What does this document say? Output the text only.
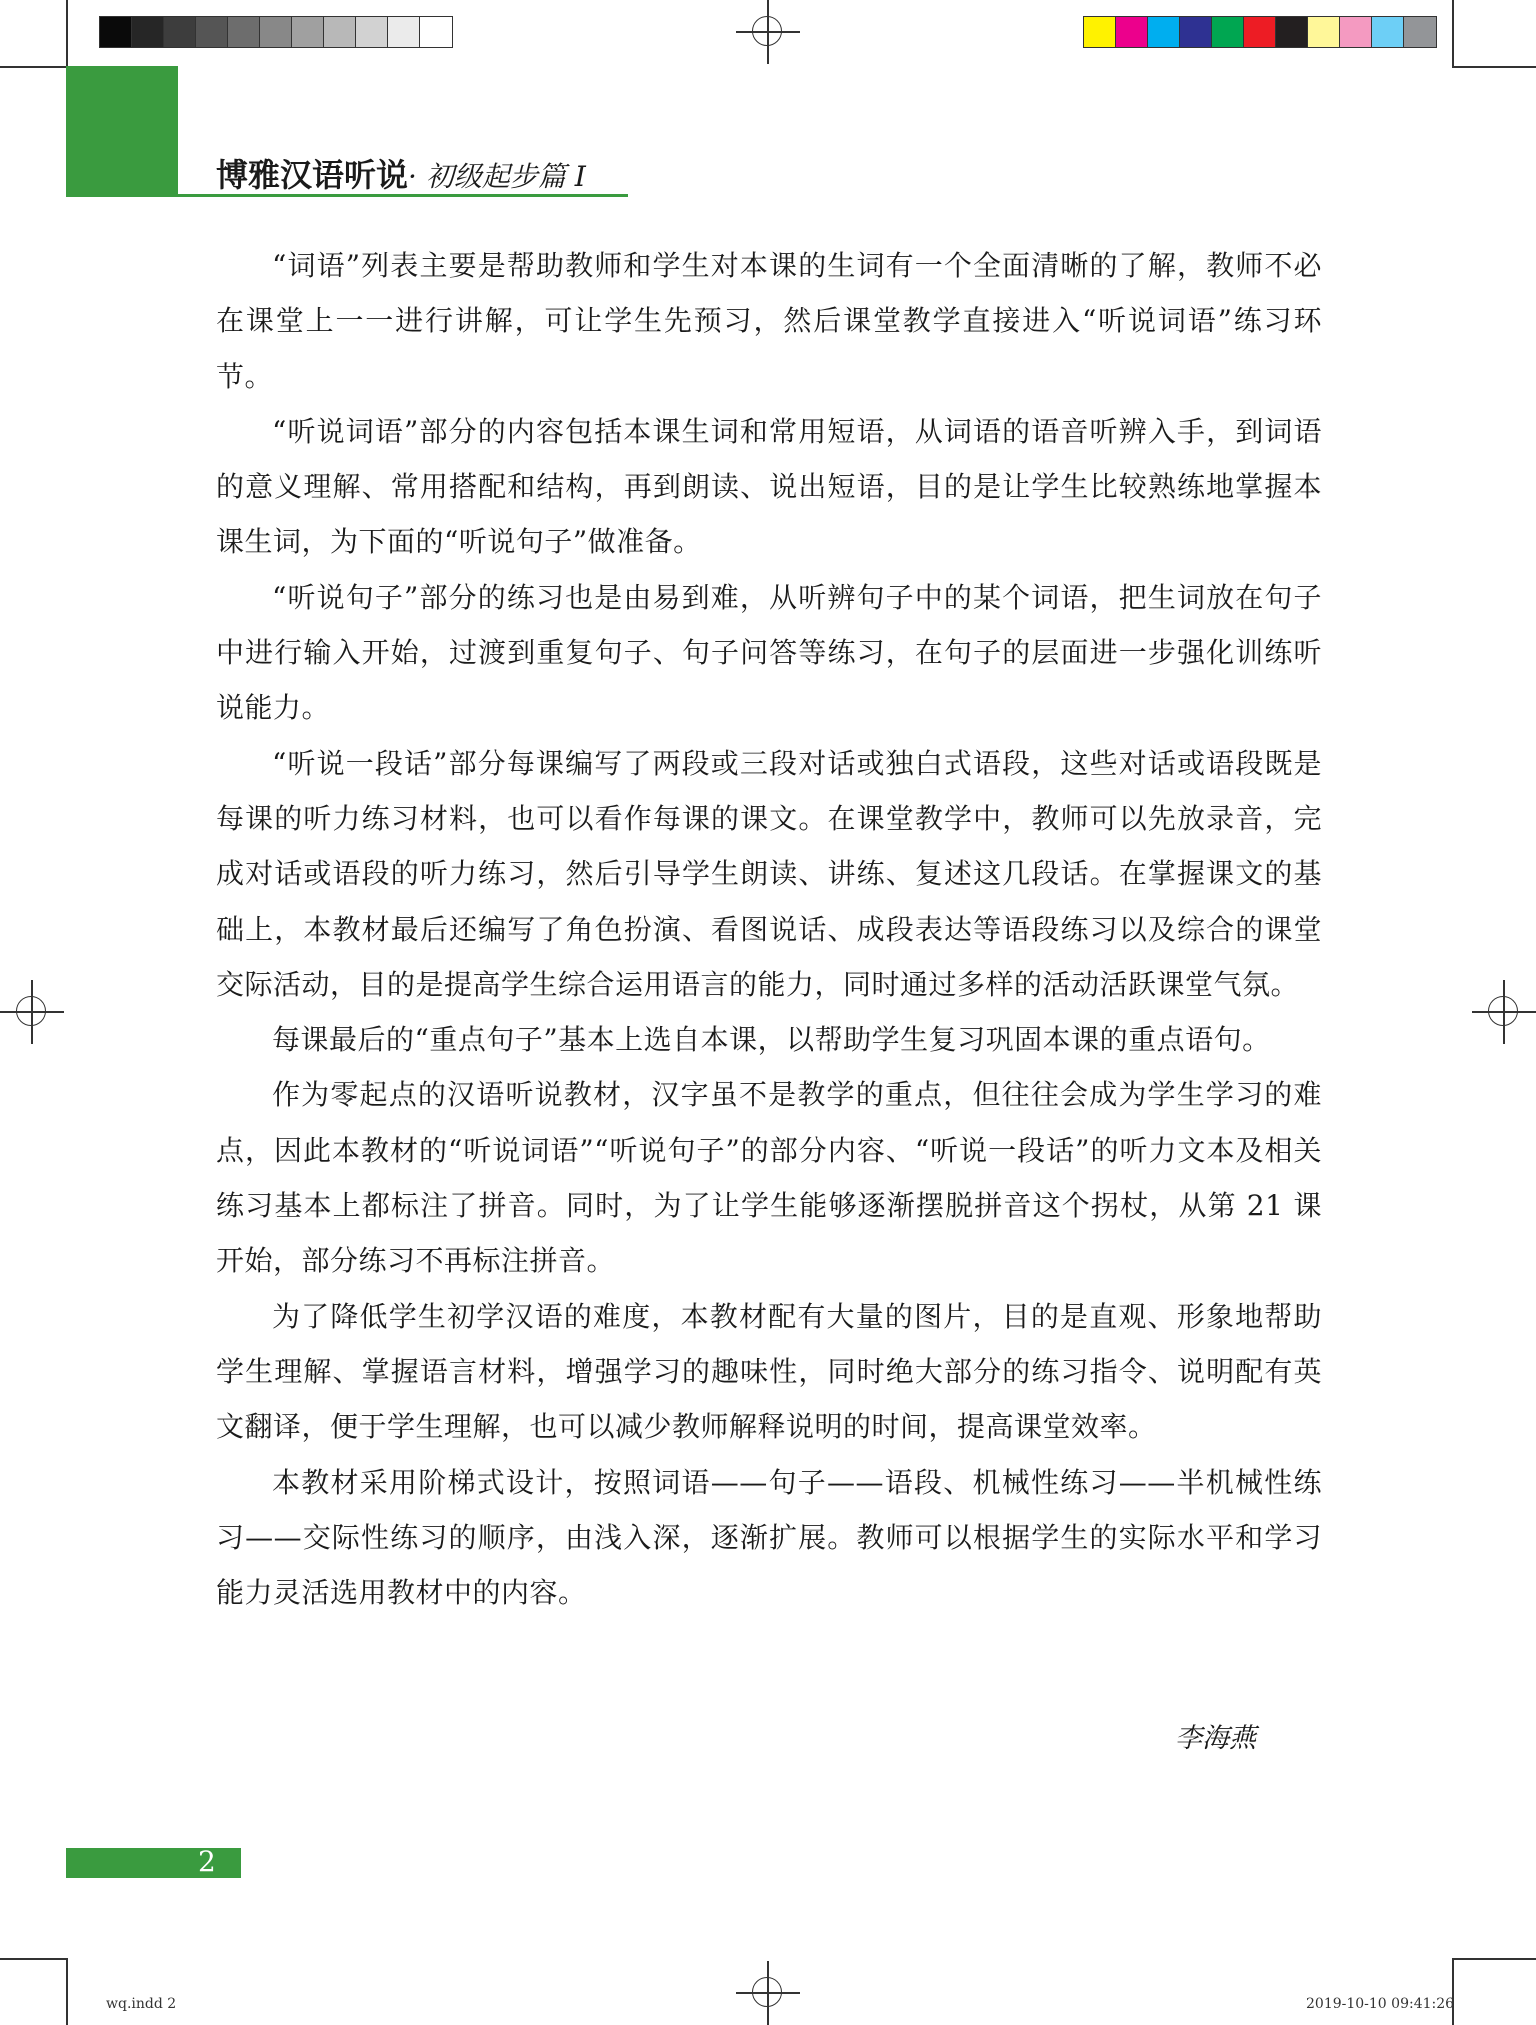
博雅汉语听说· 初级起步篇 Ⅰ

“词语”列表主要是帮助教师和学生对本课的生词有一个全面清晰的了解，教师不必在课堂上一一进行讲解，可让学生先预习，然后课堂教学直接进入“听说词语”练习环节。

“听说词语”部分的内容包括本课生词和常用短语，从词语的语音听辨入手，到词语的意义理解、常用搭配和结构，再到朗读、说出短语，目的是让学生比较熟练地掌握本课生词，为下面的“听说句子”做准备。

“听说句子”部分的练习也是由易到难，从听辨句子中的某个词语，把生词放在句子中进行输入开始，过渡到重复句子、句子问答等练习，在句子的层面进一步强化训练听说能力。

“听说一段话”部分每课编写了两段或三段对话或独白式语段，这些对话或语段既是每课的听力练习材料，也可以看作每课的课文。在课堂教学中，教师可以先放录音，完成对话或语段的听力练习，然后引导学生朗读、讲练、复述这几段话。在掌握课文的基础上，本教材最后还编写了角色扮演、看图说话、成段表达等语段练习以及综合的课堂交际活动，目的是提高学生综合运用语言的能力，同时通过多样的活动活跃课堂气氛。

每课最后的“重点句子”基本上选自本课，以帮助学生复习巩固本课的重点语句。

作为零起点的汉语听说教材，汉字虽不是教学的重点，但往往会成为学生学习的难点，因此本教材的“听说词语”“听说句子”的部分内容、“听说一段话”的听力文本及相关练习基本上都标注了拼音。同时，为了让学生能够逐渐摆脱拼音这个拐杖，从第 21 课开始，部分练习不再标注拼音。

为了降低学生初学汉语的难度，本教材配有大量的图片，目的是直观、形象地帮助学生理解、掌握语言材料，增强学习的趣味性，同时绝大部分的练习指令、说明配有英文翻译，便于学生理解，也可以减少教师解释说明的时间，提高课堂效率。

本教材采用阶梯式设计，按照词语——句子——语段、机械性练习——半机械性练习——交际性练习的顺序，由浅入深，逐渐扩展。教师可以根据学生的实际水平和学习能力灵活选用教材中的内容。

李海燕
2
wq.indd 2	2019-10-10 09:41:26
